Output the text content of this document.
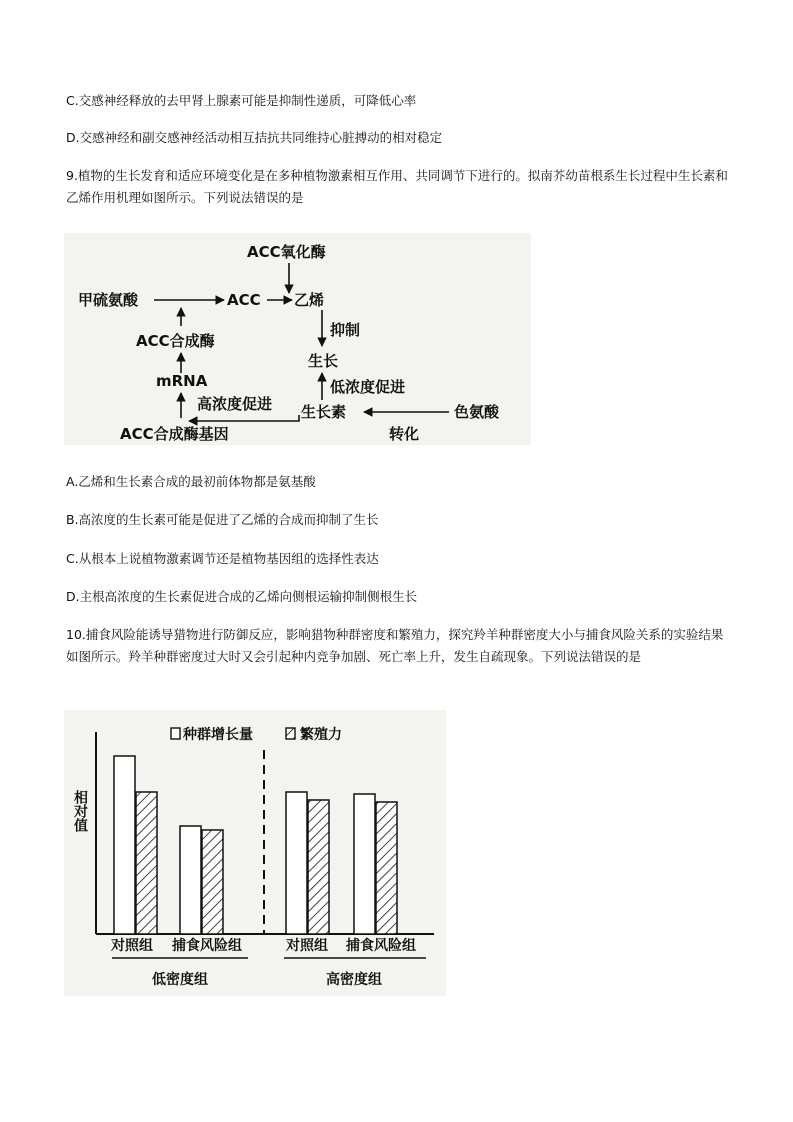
C.交感神经释放的去甲肾上腺素可能是抑制性递质，可降低心率
D.交感神经和副交感神经活动相互拮抗共同维持心脏搏动的相对稳定
9.植物的生长发育和适应环境变化是在多种植物激素相互作用、共同调节下进行的。拟南芥幼苗根系生长过程中生长素和乙烯作用机理如图所示。下列说法错误的是
ACC氧化酶
甲硫氨酸	ACC 乙烯
ACC合成酶
抑制
生长
mRNA	低浓度促进
高浓度促进 生长素	色氨酸
ACC合成酶基因	转化
A.乙烯和生长素合成的最初前体物都是氨基酸
B.高浓度的生长素可能是促进了乙烯的合成而抑制了生长
C.从根本上说植物激素调节还是植物基因组的选择性表达
D.主根高浓度的生长素促进合成的乙烯向侧根运输抑制侧根生长
10.捕食风险能诱导猎物进行防御反应，影响猎物种群密度和繁殖力，探究羚羊种群密度大小与捕食风险关系的实验结果如图所示。羚羊种群密度过大时又会引起种内竞争加剧、死亡率上升，发生自疏现象。下列说法错误的是
种群增长量	繁殖力
相对值
对照组 捕食风险组	对照组 捕食风险组
低密度组	高密度组
